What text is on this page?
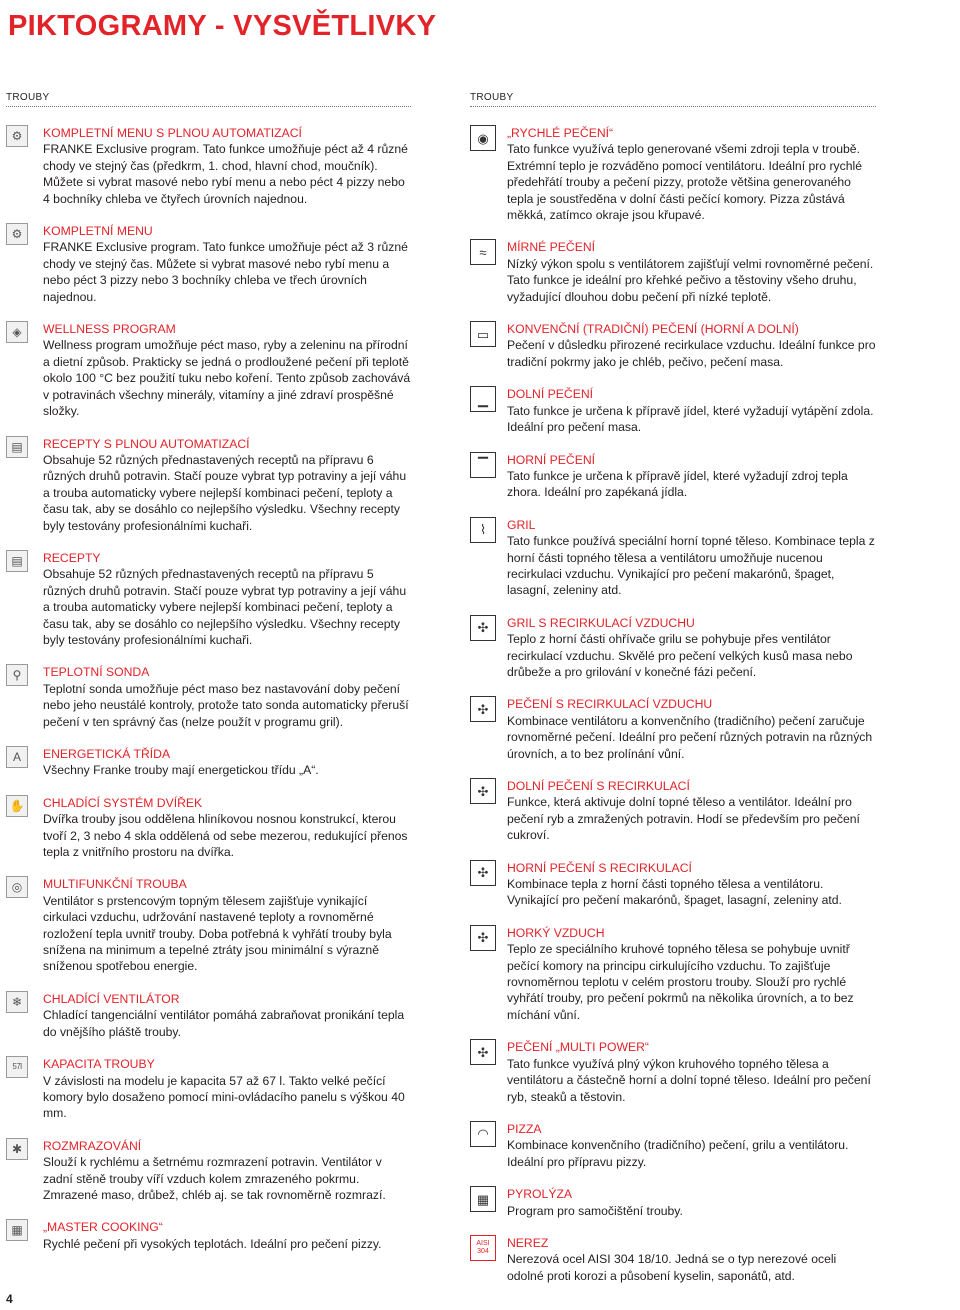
PIKTOGRAMY - VYSVĚTLIVKY
TROUBY
⚙	KOMPLETNÍ MENU S PLNOU AUTOMATIZACÍ
FRANKE Exclusive program. Tato funkce umožňuje péct až 4 různé chody ve stejný čas (předkrm, 1. chod, hlavní chod, moučník). Můžete si vybrat masové nebo rybí menu a nebo péct 4 pizzy nebo 4 bochníky chleba ve čtyřech úrovních najednou.
⚙	KOMPLETNÍ MENU
FRANKE Exclusive program. Tato funkce umožňuje péct až 3 různé chody ve stejný čas. Můžete si vybrat masové nebo rybí menu a nebo péct 3 pizzy nebo 3 bochníky chleba ve třech úrovních najednou.
◈	WELLNESS PROGRAM
Wellness program umožňuje péct maso, ryby a zeleninu na přírodní a dietní způsob. Prakticky se jedná o prodloužené pečení při teplotě okolo 100 °C bez použití tuku nebo koření. Tento způsob zachovává v potravinách všechny minerály, vitamíny a jiné zdraví prospěšné složky.
▤	RECEPTY S PLNOU AUTOMATIZACÍ
Obsahuje 52 různých přednastavených receptů na přípravu 6 různých druhů potravin. Stačí pouze vybrat typ potraviny a její váhu a trouba automaticky vybere nejlepší kombinaci pečení, teploty a času tak, aby se dosáhlo co nejlepšího výsledku. Všechny recepty byly testovány profesionálními kuchaři.
▤	RECEPTY
Obsahuje 52 různých přednastavených receptů na přípravu 5 různých druhů potravin. Stačí pouze vybrat typ potraviny a její váhu a trouba automaticky vybere nejlepší kombinaci pečení, teploty a času tak, aby se dosáhlo co nejlepšího výsledku. Všechny recepty byly testovány profesionálními kuchaři.
⚲	TEPLOTNÍ SONDA
Teplotní sonda umožňuje péct maso bez nastavování doby pečení nebo jeho neustálé kontroly, protože tato sonda automaticky přeruší pečení v ten správný čas (nelze použít v programu gril).
A	ENERGETICKÁ TŘÍDA
Všechny Franke trouby mají energetickou třídu „A“.
✋ CHLADÍCÍ SYSTÉM DVÍŘEK
Dvířka trouby jsou oddělena hliníkovou nosnou konstrukcí, kterou tvoří 2, 3 nebo 4 skla oddělená od sebe mezerou, redukující přenos tepla z vnitřního prostoru na dvířka.
◎	MULTIFUNKČNÍ TROUBA
Ventilátor s prstencovým topným tělesem zajišťuje vynikající cirkulaci vzduchu, udržování nastavené teploty a rovnoměrné rozložení tepla uvnitř trouby. Doba potřebná k vyhřátí trouby byla snížena na minimum a tepelné ztráty jsou minimální s výrazně sníženou spotřebou energie.
❄	CHLADÍCÍ VENTILÁTOR
Chladící tangenciální ventilátor pomáhá zabraňovat pronikání tepla do vnějšího pláště trouby.
57l	KAPACITA TROUBY
V závislosti na modelu je kapacita 57 až 67 l. Takto velké pečící komory bylo dosaženo pomocí mini-ovládacího panelu s výškou 40 mm.
✱	ROZMRAZOVÁNÍ
Slouží k rychlému a šetrnému rozmrazení potravin. Ventilátor v zadní stěně trouby víří vzduch kolem zmrazeného pokrmu. Zmrazené maso, drůbež, chléb aj. se tak rovnoměrně rozmrazí.
▦	„MASTER COOKING“
Rychlé pečení při vysokých teplotách. Ideální pro pečení pizzy.
TROUBY
◉	„RYCHLÉ PEČENÍ“
Tato funkce využívá teplo generované všemi zdroji tepla v troubě. Extrémní teplo je rozváděno pomocí ventilátoru. Ideální pro rychlé předehřátí trouby a pečení pizzy, protože většina generovaného tepla je soustředěna v dolní části pečící komory. Pizza zůstává měkká, zatímco okraje jsou křupavé.
≈	MÍRNÉ PEČENÍ
Nízký výkon spolu s ventilátorem zajišťují velmi rovnoměrné pečení. Tato funkce je ideální pro křehké pečivo a těstoviny všeho druhu, vyžadující dlouhou dobu pečení při nízké teplotě.
▭	KONVENČNÍ (TRADIČNÍ) PEČENÍ (HORNÍ A DOLNÍ)
Pečení v důsledku přirozené recirkulace vzduchu. Ideální funkce pro tradiční pokrmy jako je chléb, pečivo, pečení masa.
▁	DOLNÍ PEČENÍ
Tato funkce je určena k přípravě jídel, které vyžadují vytápění zdola. Ideální pro pečení masa.
▔	HORNÍ PEČENÍ
Tato funkce je určena k přípravě jídel, které vyžadují zdroj tepla zhora. Ideální pro zapékaná jídla.
⌇	GRIL
Tato funkce používá speciální horní topné těleso. Kombinace tepla z horní části topného tělesa a ventilátoru umožňuje nucenou recirkulaci vzduchu. Vynikající pro pečení makarónů, špaget, lasagní, zeleniny atd.
✣	GRIL S RECIRKULACÍ VZDUCHU
Teplo z horní části ohřívače grilu se pohybuje přes ventilátor recirkulací vzduchu. Skvělé pro pečení velkých kusů masa nebo drůbeže a pro grilování v konečné fázi pečení.
✣	PEČENÍ S RECIRKULACÍ VZDUCHU
Kombinace ventilátoru a konvenčního (tradičního) pečení zaručuje rovnoměrné pečení. Ideální pro pečení různých potravin na různých úrovních, a to bez prolínání vůní.
✣	DOLNÍ PEČENÍ S RECIRKULACÍ
Funkce, která aktivuje dolní topné těleso a ventilátor. Ideální pro pečení ryb a zmražených potravin. Hodí se především pro pečení cukroví.
✣	HORNÍ PEČENÍ S RECIRKULACÍ
Kombinace tepla z horní části topného tělesa a ventilátoru. Vynikající pro pečení makarónů, špaget, lasagní, zeleniny atd.
✣	HORKÝ VZDUCH
Teplo ze speciálního kruhové topného tělesa se pohybuje uvnitř pečící komory na principu cirkulujícího vzduchu. To zajišťuje rovnoměrnou teplotu v celém prostoru trouby. Slouží pro rychlé vyhřátí trouby, pro pečení pokrmů na několika úrovních, a to bez míchání vůní.
✣	PEČENÍ „MULTI POWER“
Tato funkce využívá plný výkon kruhového topného tělesa a ventilátoru a částečně horní a dolní topné těleso. Ideální pro pečení ryb, steaků a těstovin.
◠	PIZZA
Kombinace konvenčního (tradičního) pečení, grilu a ventilátoru. Ideální pro přípravu pizzy.
▦	PYROLÝZA
Program pro samočištění trouby.
AISI 304
NEREZ
Nerezová ocel AISI 304 18/10. Jedná se o typ nerezové oceli odolné proti korozi a působení kyselin, saponátů, atd.
4
